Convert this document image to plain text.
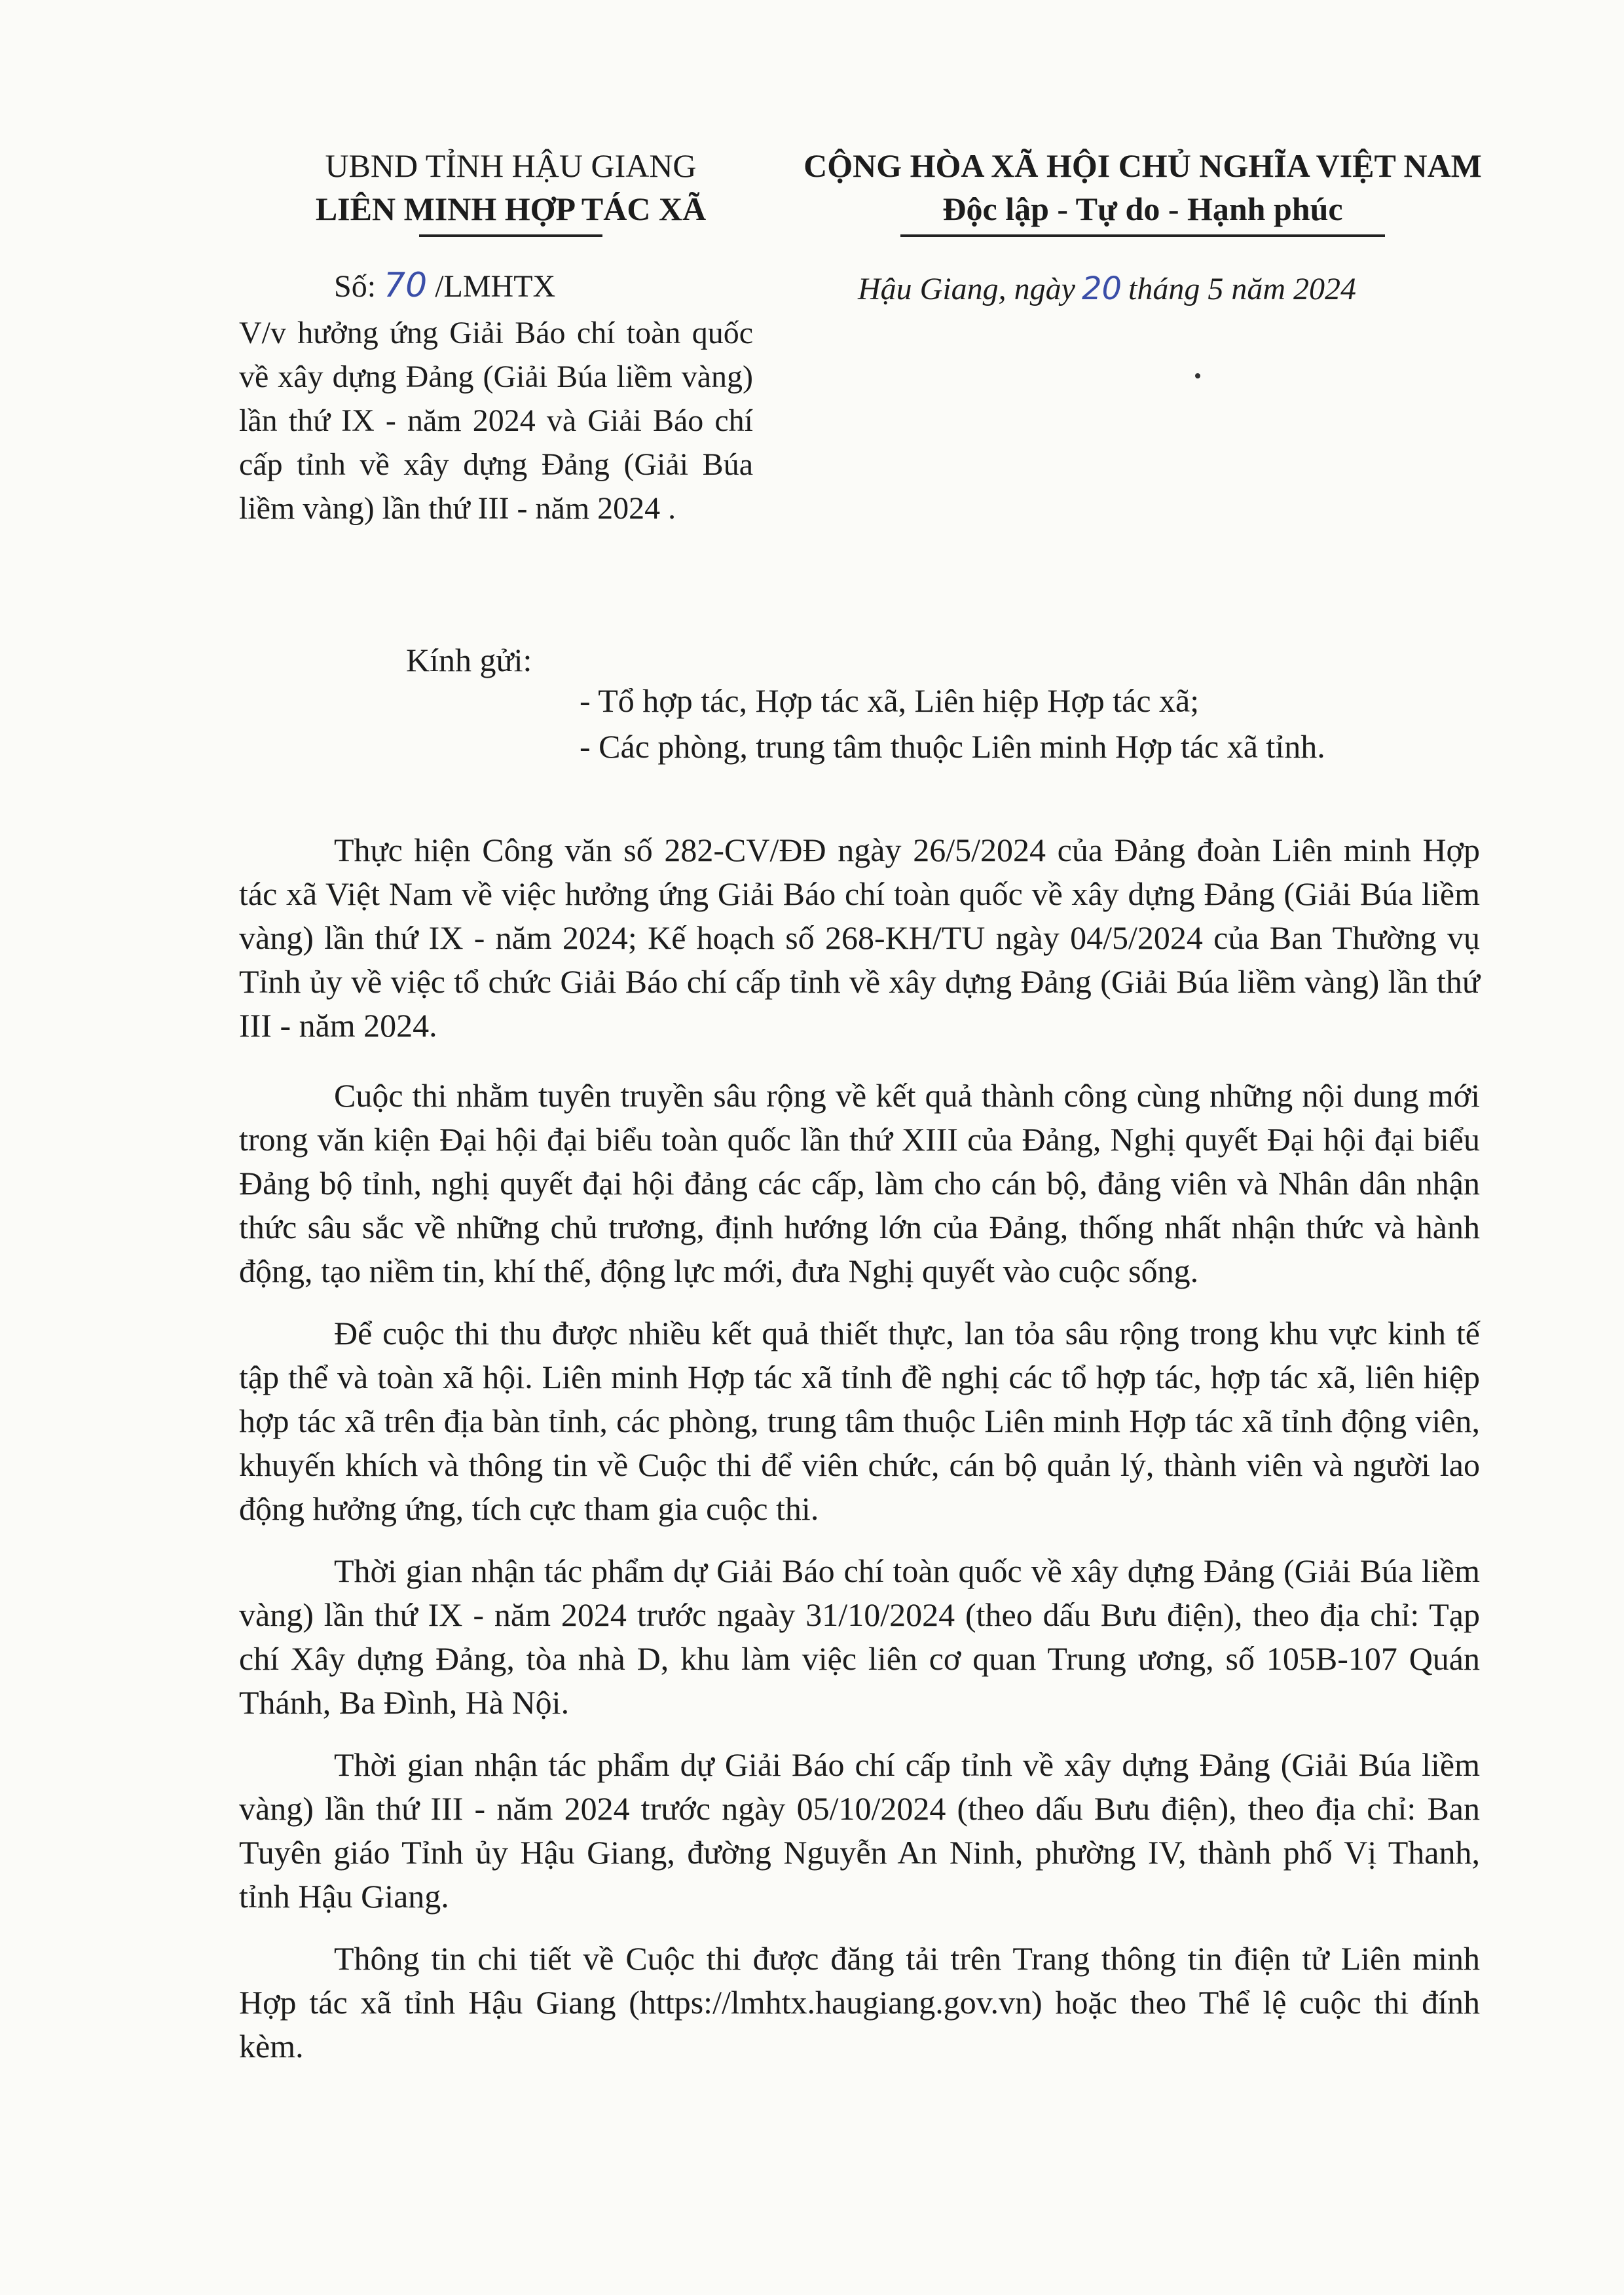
UBND TỈNH HẬU GIANG
LIÊN MINH HỢP TÁC XÃ
CỘNG HÒA XÃ HỘI CHỦ NGHĨA VIỆT NAM
Độc lập - Tự do - Hạnh phúc
Số: 70 /LMHTX	Hậu Giang, ngày 20 tháng 5 năm 2024
V/v hưởng ứng Giải Báo chí toàn quốc về xây dựng Đảng (Giải Búa liềm vàng) lần thứ IX - năm 2024 và Giải Báo chí cấp tỉnh về xây dựng Đảng (Giải Búa liềm vàng) lần thứ III - năm 2024 .
Kính gửi:
- Tổ hợp tác, Hợp tác xã, Liên hiệp Hợp tác xã;
- Các phòng, trung tâm thuộc Liên minh Hợp tác xã tỉnh.

Thực hiện Công văn số 282-CV/ĐĐ ngày 26/5/2024 của Đảng đoàn Liên minh Hợp tác xã Việt Nam về việc hưởng ứng Giải Báo chí toàn quốc về xây dựng Đảng (Giải Búa liềm vàng) lần thứ IX - năm 2024; Kế hoạch số 268-KH/TU ngày 04/5/2024 của Ban Thường vụ Tỉnh ủy về việc tổ chức Giải Báo chí cấp tỉnh về xây dựng Đảng (Giải Búa liềm vàng) lần thứ III - năm 2024.

Cuộc thi nhằm tuyên truyền sâu rộng về kết quả thành công cùng những nội dung mới trong văn kiện Đại hội đại biểu toàn quốc lần thứ XIII của Đảng, Nghị quyết Đại hội đại biểu Đảng bộ tỉnh, nghị quyết đại hội đảng các cấp, làm cho cán bộ, đảng viên và Nhân dân nhận thức sâu sắc về những chủ trương, định hướng lớn của Đảng, thống nhất nhận thức và hành động, tạo niềm tin, khí thế, động lực mới, đưa Nghị quyết vào cuộc sống.

Để cuộc thi thu được nhiều kết quả thiết thực, lan tỏa sâu rộng trong khu vực kinh tế tập thể và toàn xã hội. Liên minh Hợp tác xã tỉnh đề nghị các tổ hợp tác, hợp tác xã, liên hiệp hợp tác xã trên địa bàn tỉnh, các phòng, trung tâm thuộc Liên minh Hợp tác xã tỉnh động viên, khuyến khích và thông tin về Cuộc thi để viên chức, cán bộ quản lý, thành viên và người lao động hưởng ứng, tích cực tham gia cuộc thi.

Thời gian nhận tác phẩm dự Giải Báo chí toàn quốc về xây dựng Đảng (Giải Búa liềm vàng) lần thứ IX - năm 2024 trước ngaày 31/10/2024 (theo dấu Bưu điện), theo địa chỉ: Tạp chí Xây dựng Đảng, tòa nhà D, khu làm việc liên cơ quan Trung ương, số 105B-107 Quán Thánh, Ba Đình, Hà Nội.

Thời gian nhận tác phẩm dự Giải Báo chí cấp tỉnh về xây dựng Đảng (Giải Búa liềm vàng) lần thứ III - năm 2024 trước ngày 05/10/2024 (theo dấu Bưu điện), theo địa chỉ: Ban Tuyên giáo Tỉnh ủy Hậu Giang, đường Nguyễn An Ninh, phường IV, thành phố Vị Thanh, tỉnh Hậu Giang.

Thông tin chi tiết về Cuộc thi được đăng tải trên Trang thông tin điện tử Liên minh Hợp tác xã tỉnh Hậu Giang (https://lmhtx.haugiang.gov.vn) hoặc theo Thể lệ cuộc thi đính kèm.
